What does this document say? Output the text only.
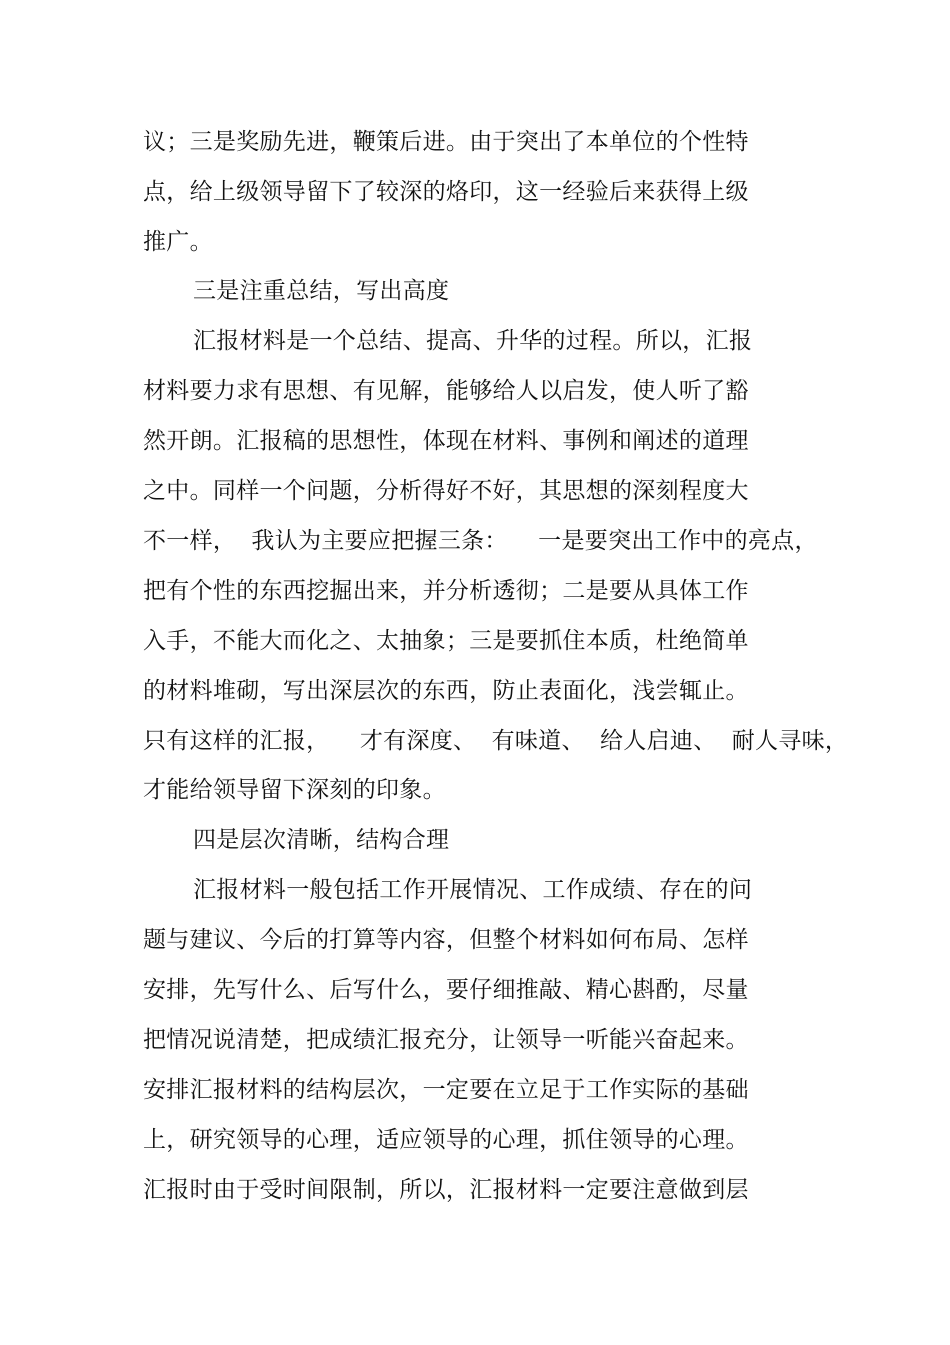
议；三是奖励先进，鞭策后进。由于突出了本单位的个性特
点，给上级领导留下了较深的烙印，这一经验后来获得上级
推广。
三是注重总结，写出高度
汇报材料是一个总结、提高、升华的过程。所以，汇报
材料要力求有思想、有见解，能够给人以启发，使人听了豁
然开朗。汇报稿的思想性，体现在材料、事例和阐述的道理
之中。同样一个问题，分析得好不好，其思想的深刻程度大
不一样，  我认为主要应把握三条：    一是要突出工作中的亮点，
把有个性的东西挖掘出来，并分析透彻；二是要从具体工作
入手，不能大而化之、太抽象；三是要抓住本质，杜绝简单
的材料堆砌，写出深层次的东西，防止表面化，浅尝辄止。
只有这样的汇报，    才有深度、  有味道、  给人启迪、  耐人寻味，
才能给领导留下深刻的印象。
四是层次清晰，结构合理
汇报材料一般包括工作开展情况、工作成绩、存在的问
题与建议、今后的打算等内容，但整个材料如何布局、怎样
安排，先写什么、后写什么，要仔细推敲、精心斟酌，尽量
把情况说清楚，把成绩汇报充分，让领导一听能兴奋起来。
安排汇报材料的结构层次，一定要在立足于工作实际的基础
上，研究领导的心理，适应领导的心理，抓住领导的心理。
汇报时由于受时间限制，所以，汇报材料一定要注意做到层
